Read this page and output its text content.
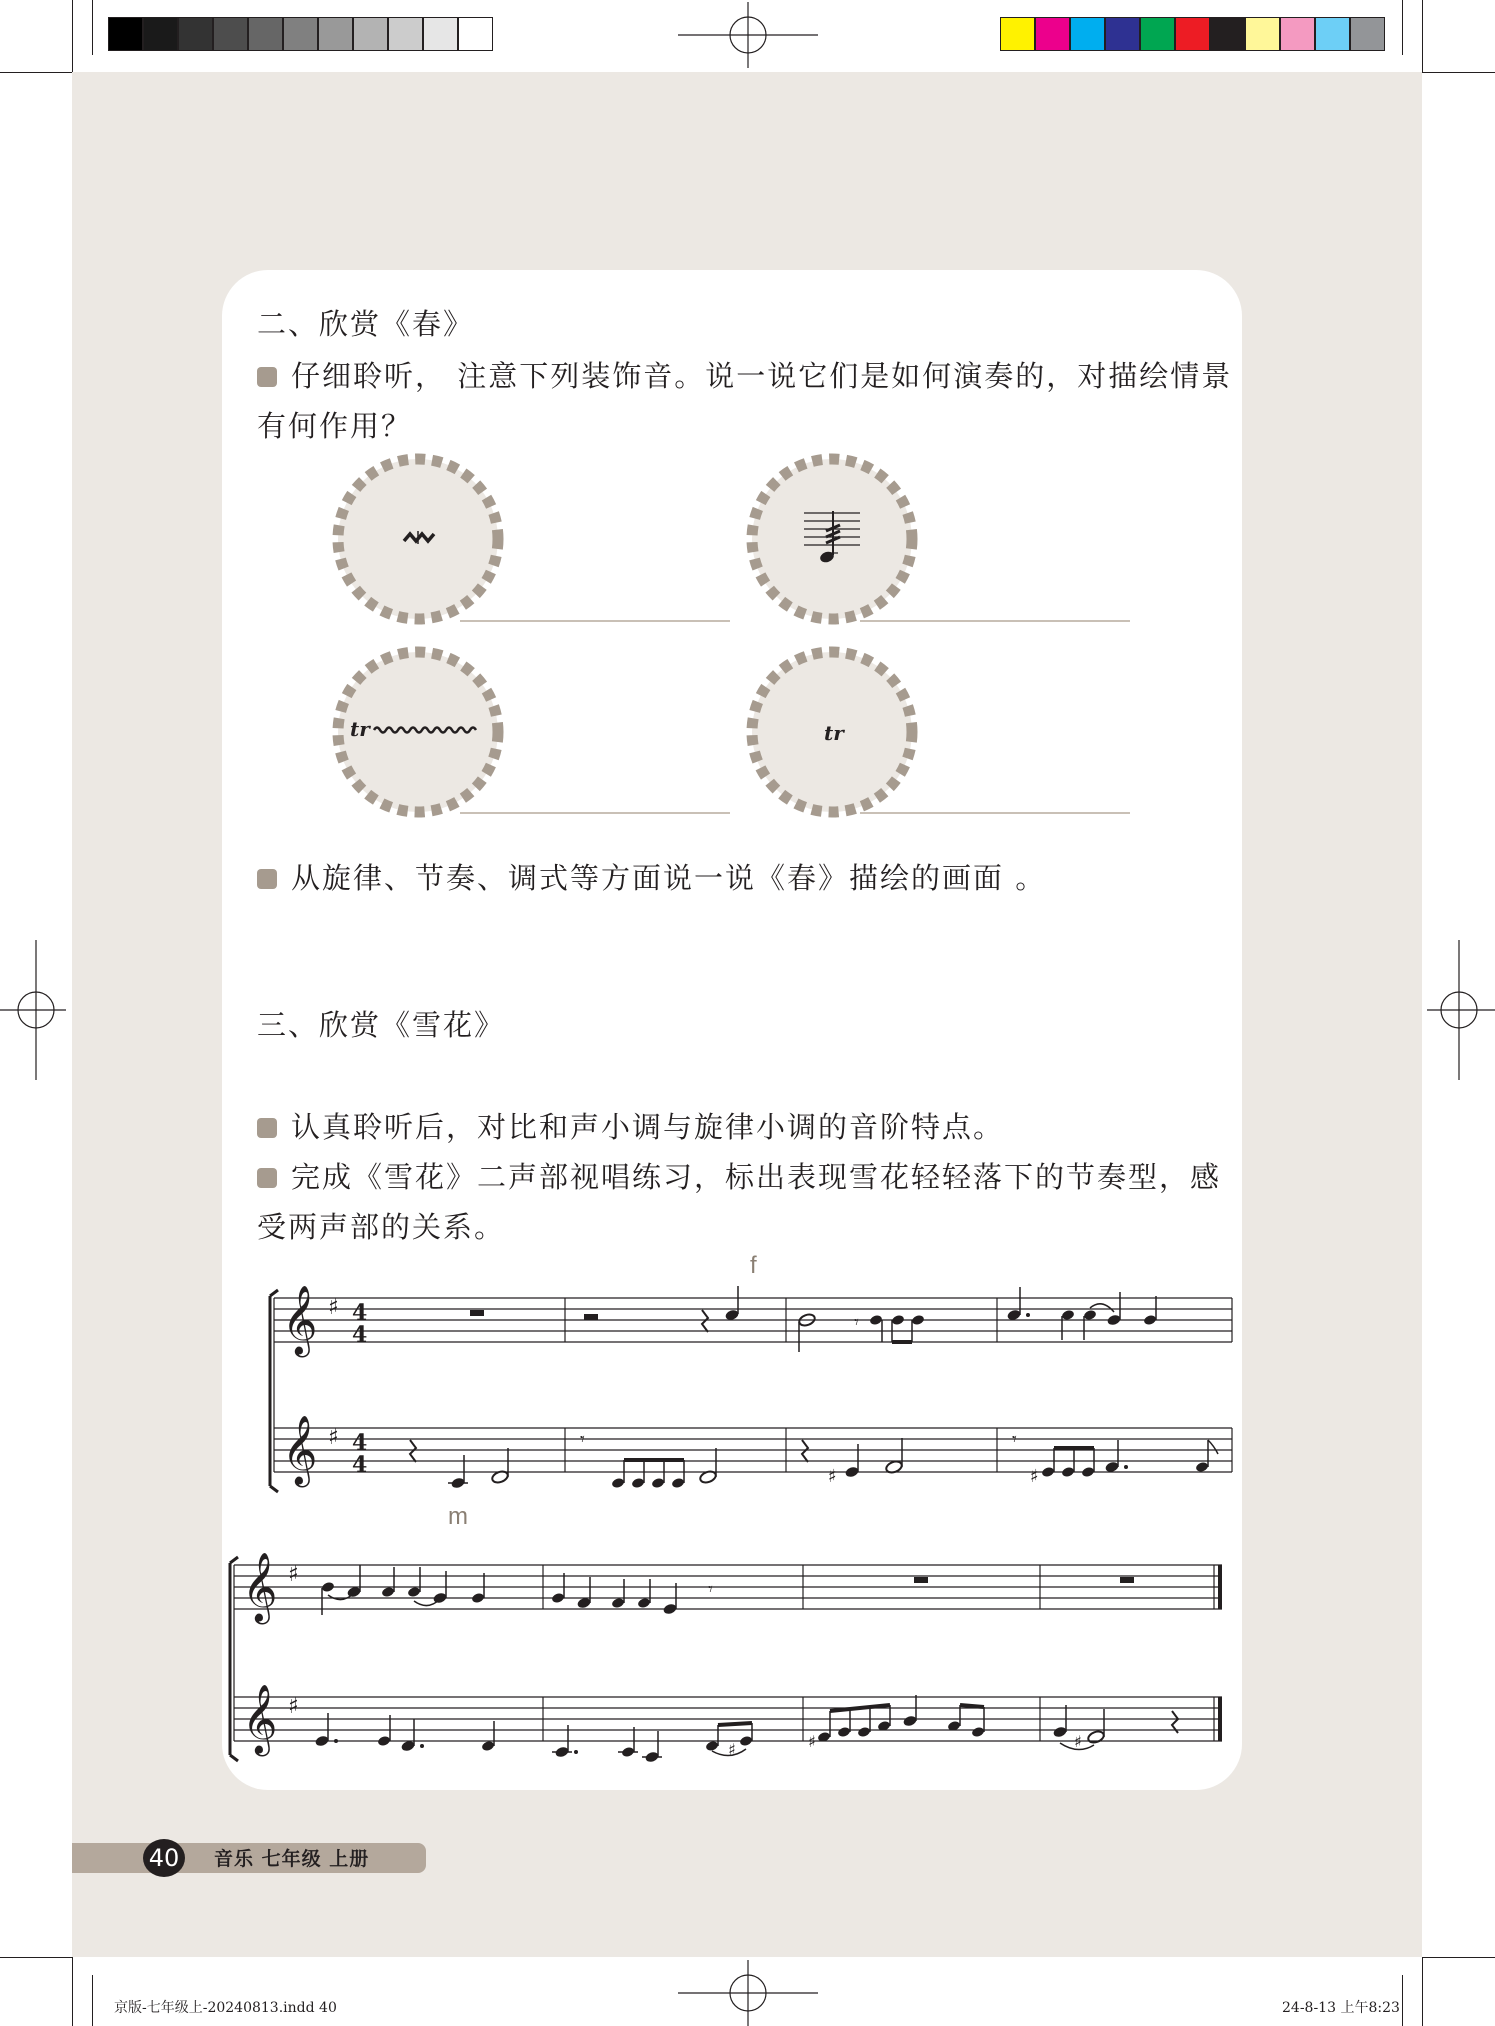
二、欣赏《春》
仔细聆听， 注意下列装饰音。说一说它们是如何演奏的，对描绘情景
有何作用？
tr	tr
从旋律、节奏、调式等方面说一说《春》描绘的画面 。
三、欣赏《雪花》
认真聆听后，对比和声小调与旋律小调的音阶特点。
完成《雪花》二声部视唱练习，标出表现雪花轻轻落下的节奏型，感
受两声部的关系。
f
m
𝄞
𝄞
♯
♯
4
4
4
4
𝄾
𝄾
♯
𝄾
♯
𝄞
𝄞
♯
♯
𝄾
♯	♯	♯
40	音乐 七年级 上册
京版-七年级上-20240813.indd 40	24-8-13 上午8:23
